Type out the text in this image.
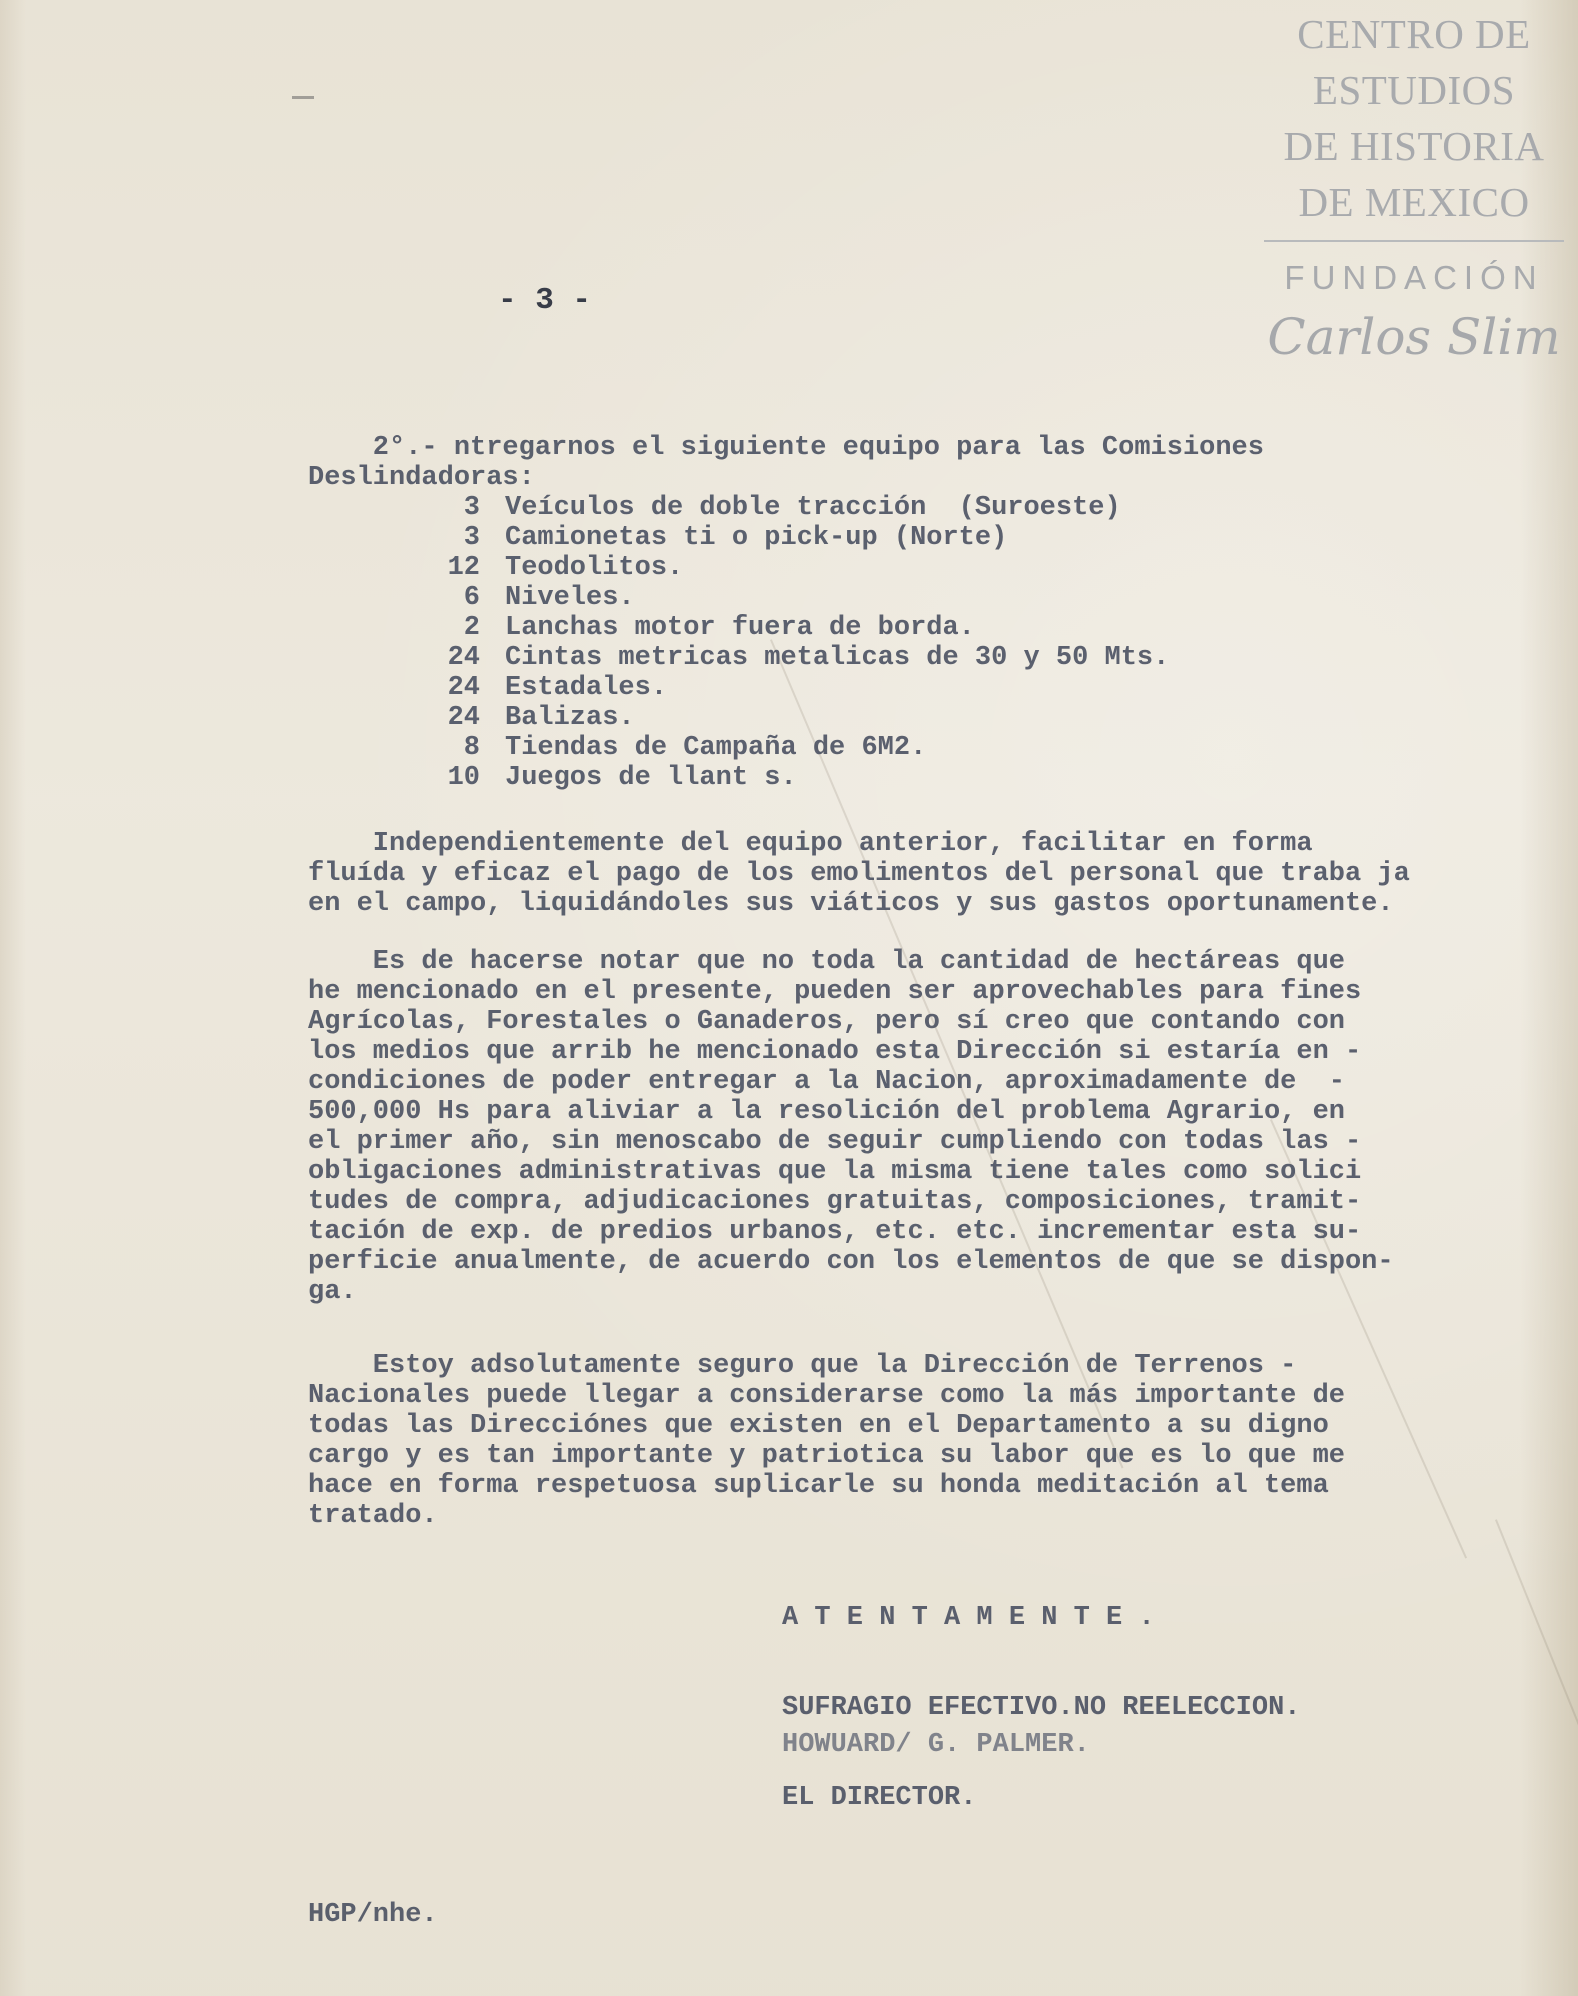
CENTRO DE
ESTUDIOS
DE HISTORIA
DE MEXICO
FUNDACIÓN
Carlos Slim
- 3 -
2°.- ntregarnos el siguiente equipo para las Comisiones
Deslindadoras:
3 Veículos de doble tracción  (Suroeste)
3 Camionetas ti o pick-up (Norte)
12 Teodolitos.
6 Niveles.
2 Lanchas motor fuera de borda.
24 Cintas metricas metalicas de 30 y 50 Mts.
24 Estadales.
24 Balizas.
8 Tiendas de Campaña de 6M2.
10 Juegos de llant s.
Independientemente del equipo anterior, facilitar en forma
fluída y eficaz el pago de los emolimentos del personal que traba ja
en el campo, liquidándoles sus viáticos y sus gastos oportunamente.
Es de hacerse notar que no toda la cantidad de hectáreas que
he mencionado en el presente, pueden ser aprovechables para fines
Agrícolas, Forestales o Ganaderos, pero sí creo que contando con
los medios que arrib he mencionado esta Dirección si estaría en -
condiciones de poder entregar a la Nacion, aproximadamente de  -
500,000 Hs para aliviar a la resolición del problema Agrario, en
el primer año, sin menoscabo de seguir cumpliendo con todas las -
obligaciones administrativas que la misma tiene tales como solici
tudes de compra, adjudicaciones gratuitas, composiciones, tramit-
tación de exp. de predios urbanos, etc. etc. incrementar esta su-
perficie anualmente, de acuerdo con los elementos de que se dispon-
ga.
Estoy adsolutamente seguro que la Dirección de Terrenos -
Nacionales puede llegar a considerarse como la más importante de
todas las Direcciónes que existen en el Departamento a su digno
cargo y es tan importante y patriotica su labor que es lo que me
hace en forma respetuosa suplicarle su honda meditación al tema
tratado.

A T E N T A M E N T E .

SUFRAGIO EFECTIVO.NO REELECCION.

EL DIRECTOR.

HOWUARD/ G. PALMER.
HGP/nhe.
